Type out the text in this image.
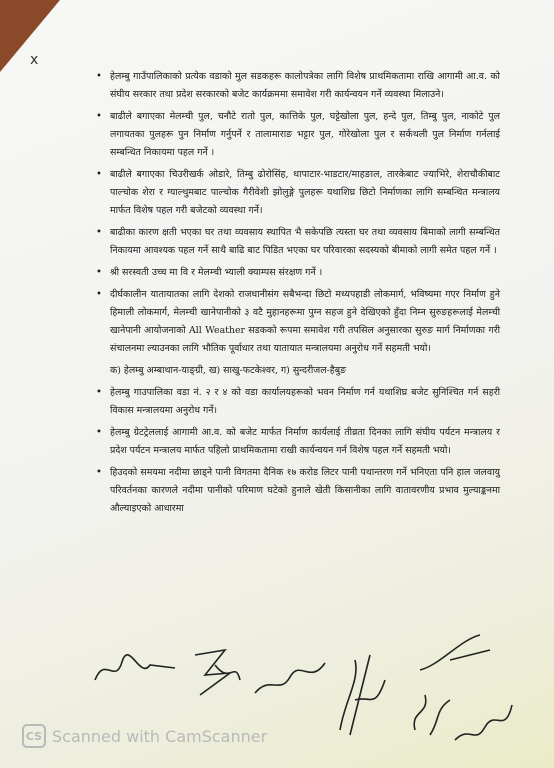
x
• हेलम्बु गाउँपालिकाको प्रत्येक वडाको मुल सडकहरू कालोपत्रेका लागि विशेष प्राथमिकतामा राखि आगामी आ.व. को संघीय सरकार तथा प्रदेश सरकारको बजेट कार्यक्रममा समावेश गरी कार्यन्वयन गर्ने व्यवस्था मिलाउने।
• बाढीले बगाएका मेलम्ची पुल, चनौटे रातो पुल, कात्तिके पुल, घट्टेखोला पुल, हन्दे पुल, तिम्बु पुल, नाकोटे पुल लगायतका पुलहरू पुन निर्माण गर्नुपर्ने र तालामाराङ भट्टार पुल, गोरेखोला पुल र सर्कथली पुल निर्माण गर्नलाई सम्बन्धित निकायमा पहल गर्ने ।
• बाढीले बगाएका चिउरीखर्क ओडारे, तिम्बु ढोरोसिंह, थापाटार-भाडटार/माहङाल, तारकेबाट ज्याभिरे, शेराचौकीबाट पाल्चोक शेरा र ग्याल्थुमबाट पाल्चोक गैरीवेशी झोलुङ्गे पुलहरू यथाशिघ्र छिटो निर्माणका लागि सम्बन्धित मन्त्रालय मार्फत विशेष पहल गरी बजेटको व्यवस्था गर्ने।
• बाढीका कारण क्षती भएका घर तथा व्यवसाय स्थापित भै सकेपछि त्यस्ता घर तथा व्यवसाय बिमाको लागी सम्बन्धित निकायमा आवश्यक पहल गर्ने साथै बाढि बाट पिडित भएका घर परिवारका सदस्यको बीमाको लागी समेत पहल गर्ने ।
• श्री सरस्वती उच्च मा वि र मेलम्ची भ्याली क्याम्पस संरक्षण गर्ने ।
• दीर्घकालीन यातायातका लागि देशको राजधानीसंग सबैभन्दा छिटो मध्यपहाडी लोकमार्ग, भविष्यमा गएर निर्माण हुने हिमाली लोकमार्ग, मेलम्ची खानेपानीको ३ वटै मुहानहरूमा पुग्न सहज हुने देखिएको हुँदा निम्न सुरुङहरूलाई मेलम्ची खानेपानी आयोजनाको All Weather सडकको रूपमा समावेश गरी तपसिल अनुसारका सुरुङ मार्ग निर्माणका गरी संचालनमा ल्याउनका लागि भौतिक पूर्वाधार तथा यातायात मन्त्रालयमा अनुरोध गर्ने सहमती भयो।
क) हेलम्बु अम्बाथान-याङ्ग्री, ख) साखु-फटकेश्वर, ग) सुन्दरीजल-हैबुङ
• हेलम्बु गाउपालिका वडा नं. २ र ४ को वडा कार्यालयहरूको भवन निर्माण गर्न यथाशिघ्र बजेट सुनिश्चित गर्न सहरी विकास मन्त्रालयमा अनुरोध गर्ने।
• हेलम्बु ग्रेटट्रेललाई आगामी आ.व. को बजेट मार्फत निर्माण कार्यलाई तीव्रता दिनका लागि संघीय पर्यटन मन्त्रालय र प्रदेश पर्यटन मन्त्रालय मार्फत पहिलो प्राथमिकतामा राखी कार्यन्वयन गर्न विशेष पहल गर्ने सहमती भयो।
• हिउदको समयमा नदीमा छाड्ने पानी विगतमा दैनिक १७ करोड लिटर पानी पथान्तरण गर्ने भनिएता पनि हाल जलवायु परिवर्तनका कारणले नदीमा पानीको परिमाण घटेको हुनाले खेती किसानीका लागि वातावरणीय प्रभाव मुल्याङ्कनमा औल्याइएको आधारमा
CS Scanned with CamScanner
